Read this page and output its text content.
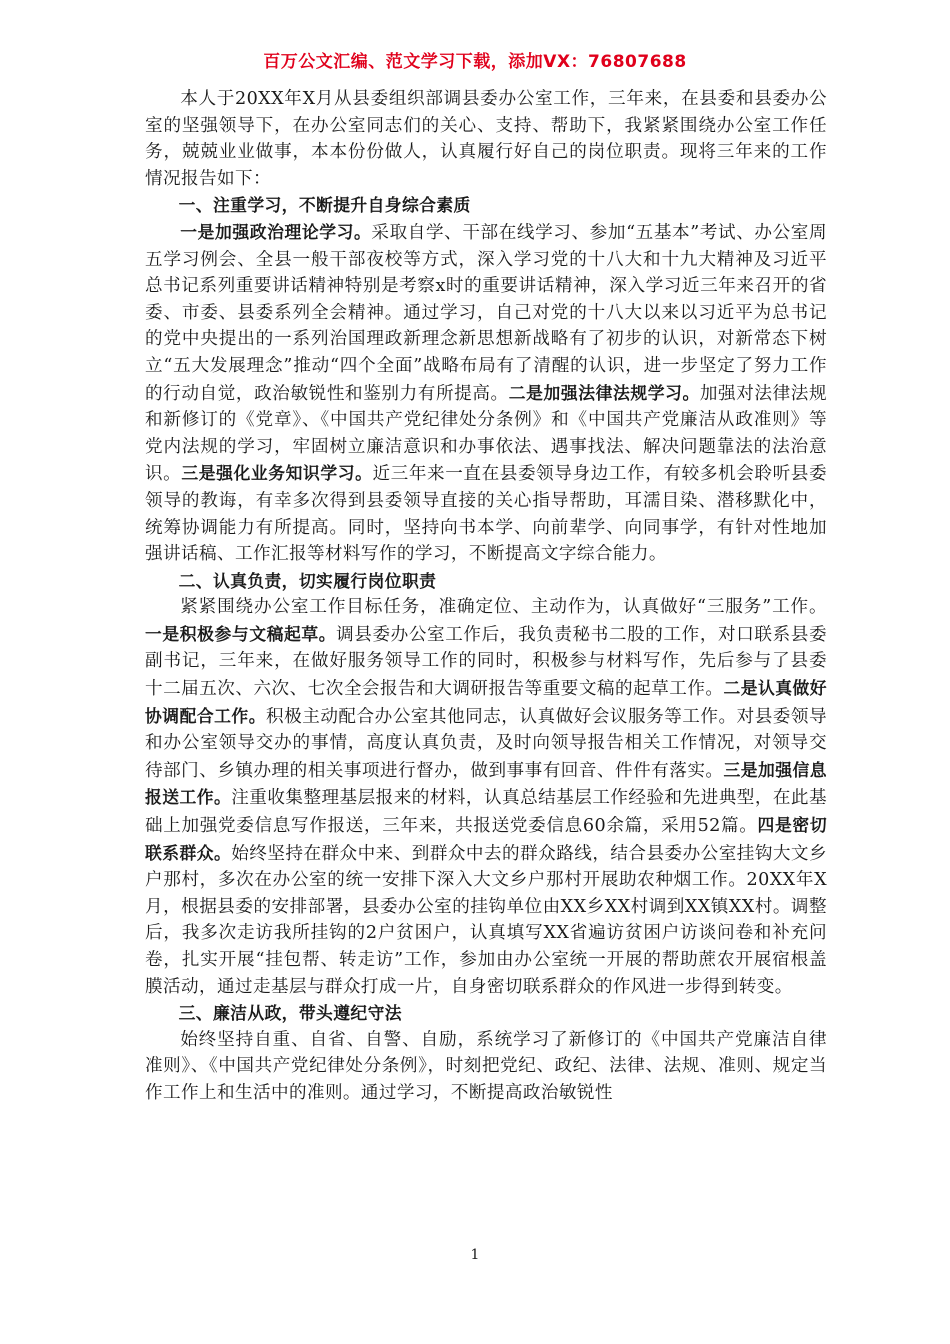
百万公文汇编、范文学习下载，添加VX：76807688

本人于20XX年X月从县委组织部调县委办公室工作，三年来，在县委和县委办公室的坚强领导下，在办公室同志们的关心、支持、帮助下，我紧紧围绕办公室工作任务，兢兢业业做事，本本份份做人，认真履行好自己的岗位职责。现将三年来的工作情况报告如下：

一、注重学习，不断提升自身综合素质

一是加强政治理论学习。采取自学、干部在线学习、参加“五基本”考试、办公室周五学习例会、全县一般干部夜校等方式，深入学习党的十八大和十九大精神及习近平总书记系列重要讲话精神特别是考察x时的重要讲话精神，深入学习近三年来召开的省委、市委、县委系列全会精神。通过学习，自己对党的十八大以来以习近平为总书记的党中央提出的一系列治国理政新理念新思想新战略有了初步的认识，对新常态下树立“五大发展理念”推动“四个全面”战略布局有了清醒的认识，进一步坚定了努力工作的行动自觉，政治敏锐性和鉴别力有所提高。二是加强法律法规学习。加强对法律法规和新修订的《党章》、《中国共产党纪律处分条例》和《中国共产党廉洁从政准则》等党内法规的学习，牢固树立廉洁意识和办事依法、遇事找法、解决问题靠法的法治意识。三是强化业务知识学习。近三年来一直在县委领导身边工作，有较多机会聆听县委领导的教诲，有幸多次得到县委领导直接的关心指导帮助，耳濡目染、潜移默化中，统筹协调能力有所提高。同时，坚持向书本学、向前辈学、向同事学，有针对性地加强讲话稿、工作汇报等材料写作的学习，不断提高文字综合能力。

二、认真负责，切实履行岗位职责

紧紧围绕办公室工作目标任务，准确定位、主动作为，认真做好“三服务”工作。一是积极参与文稿起草。调县委办公室工作后，我负责秘书二股的工作，对口联系县委副书记，三年来，在做好服务领导工作的同时，积极参与材料写作，先后参与了县委十二届五次、六次、七次全会报告和大调研报告等重要文稿的起草工作。二是认真做好协调配合工作。积极主动配合办公室其他同志，认真做好会议服务等工作。对县委领导和办公室领导交办的事情，高度认真负责，及时向领导报告相关工作情况，对领导交待部门、乡镇办理的相关事项进行督办，做到事事有回音、件件有落实。三是加强信息报送工作。注重收集整理基层报来的材料，认真总结基层工作经验和先进典型，在此基础上加强党委信息写作报送，三年来，共报送党委信息60余篇，采用52篇。四是密切联系群众。始终坚持在群众中来、到群众中去的群众路线，结合县委办公室挂钩大文乡户那村，多次在办公室的统一安排下深入大文乡户那村开展助农种烟工作。20XX年X月，根据县委的安排部署，县委办公室的挂钩单位由XX乡XX村调到XX镇XX村。调整后，我多次走访我所挂钩的2户贫困户，认真填写XX省遍访贫困户访谈问卷和补充问卷，扎实开展“挂包帮、转走访”工作，参加由办公室统一开展的帮助蔗农开展宿根盖膜活动，通过走基层与群众打成一片，自身密切联系群众的作风进一步得到转变。

三、廉洁从政，带头遵纪守法

始终坚持自重、自省、自警、自励，系统学习了新修订的《中国共产党廉洁自律准则》、《中国共产党纪律处分条例》，时刻把党纪、政纪、法律、法规、准则、规定当作工作上和生活中的准则。通过学习，不断提高政治敏锐性

1
